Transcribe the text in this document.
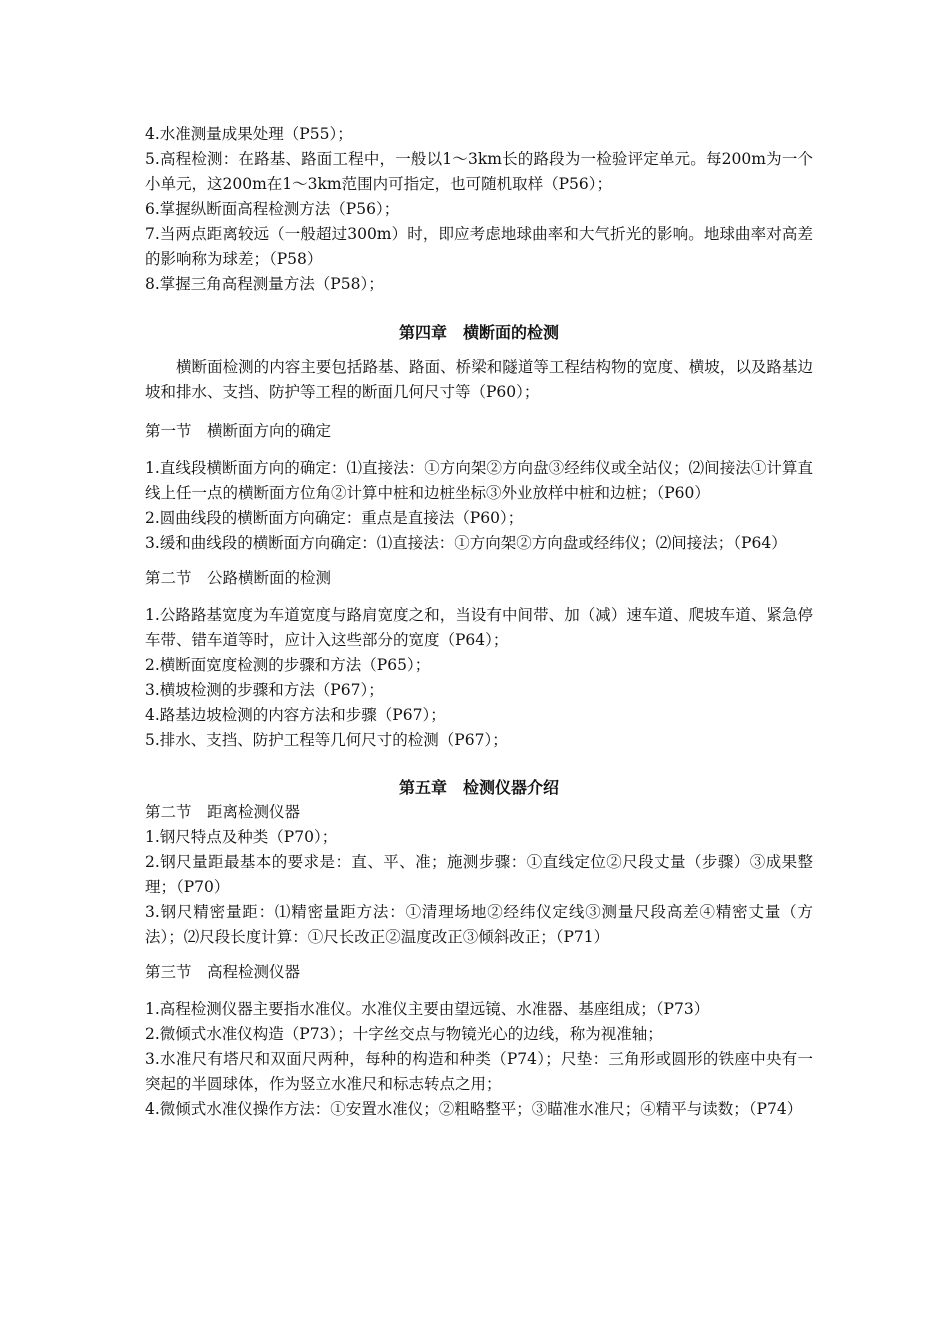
4.水准测量成果处理（P55）；

5.高程检测：在路基、路面工程中，一般以1～3km长的路段为一检验评定单元。每200m为一个小单元，这200m在1～3km范围内可指定，也可随机取样（P56）；

6.掌握纵断面高程检测方法（P56）；

7.当两点距离较远（一般超过300m）时，即应考虑地球曲率和大气折光的影响。地球曲率对高差的影响称为球差；（P58）

8.掌握三角高程测量方法（P58）；

第四章　横断面的检测

横断面检测的内容主要包括路基、路面、桥梁和隧道等工程结构物的宽度、横坡，以及路基边坡和排水、支挡、防护等工程的断面几何尺寸等（P60）；

第一节　横断面方向的确定

1.直线段横断面方向的确定：⑴直接法：①方向架②方向盘③经纬仪或全站仪；⑵间接法①计算直线上任一点的横断面方位角②计算中桩和边桩坐标③外业放样中桩和边桩；（P60）

2.圆曲线段的横断面方向确定：重点是直接法（P60）；

3.缓和曲线段的横断面方向确定：⑴直接法：①方向架②方向盘或经纬仪；⑵间接法；（P64）

第二节　公路横断面的检测

1.公路路基宽度为车道宽度与路肩宽度之和，当设有中间带、加（减）速车道、爬坡车道、紧急停车带、错车道等时，应计入这些部分的宽度（P64）；

2.横断面宽度检测的步骤和方法（P65）；

3.横坡检测的步骤和方法（P67）；

4.路基边坡检测的内容方法和步骤（P67）；

5.排水、支挡、防护工程等几何尺寸的检测（P67）；

第五章　检测仪器介绍

第二节　距离检测仪器

1.钢尺特点及种类（P70）；

2.钢尺量距最基本的要求是：直、平、准；施测步骤：①直线定位②尺段丈量（步骤）③成果整理；（P70）

3.钢尺精密量距：⑴精密量距方法：①清理场地②经纬仪定线③测量尺段高差④精密丈量（方法）；⑵尺段长度计算：①尺长改正②温度改正③倾斜改正；（P71）

第三节　高程检测仪器

1.高程检测仪器主要指水准仪。水准仪主要由望远镜、水准器、基座组成；（P73）

2.微倾式水准仪构造（P73）；十字丝交点与物镜光心的边线，称为视准轴；

3.水准尺有塔尺和双面尺两种，每种的构造和种类（P74）；尺垫：三角形或圆形的铁座中央有一突起的半圆球体，作为竖立水准尺和标志转点之用；

4.微倾式水准仪操作方法：①安置水准仪；②粗略整平；③瞄准水准尺；④精平与读数；（P74）
